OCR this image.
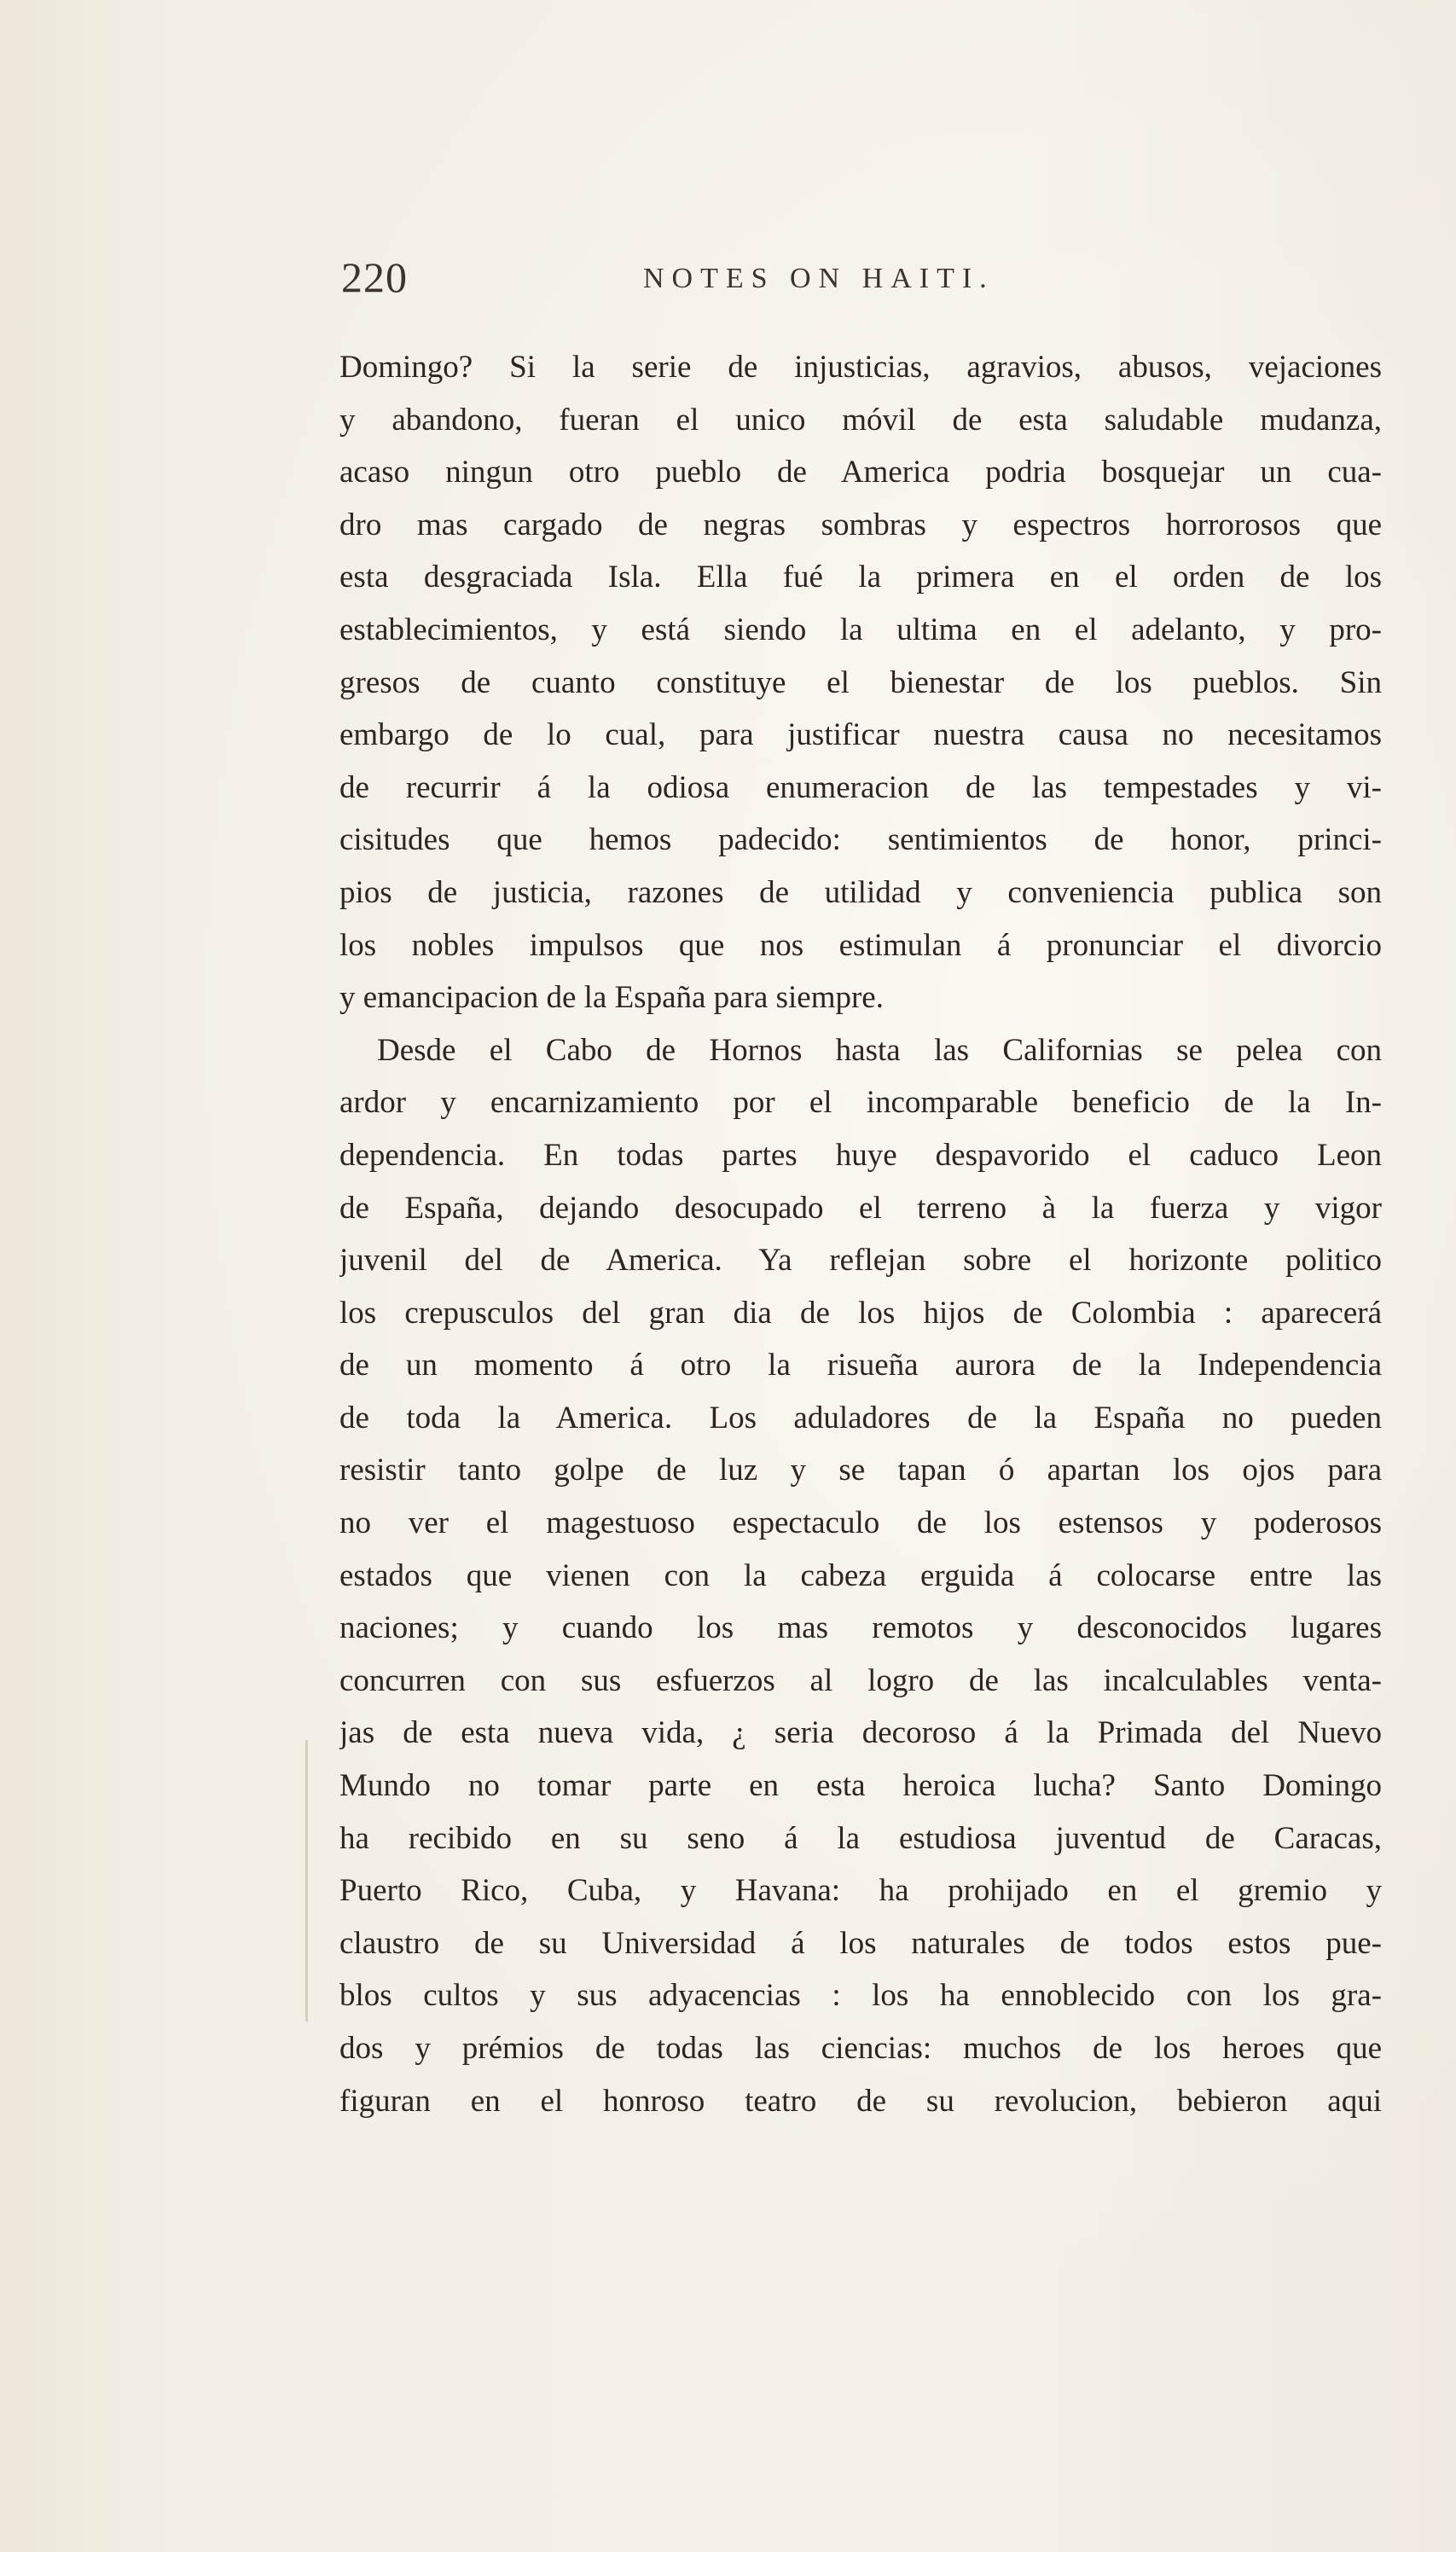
220	NOTES ON HAITI.
Domingo? Si la serie de injusticias, agravios, abusos, vejaciones
y abandono, fueran el unico móvil de esta saludable mudanza,
acaso ningun otro pueblo de America podria bosquejar un cua-
dro mas cargado de negras sombras y espectros horrorosos que
esta desgraciada Isla. Ella fué la primera en el orden de los
establecimientos, y está siendo la ultima en el adelanto, y pro-
gresos de cuanto constituye el bienestar de los pueblos. Sin
embargo de lo cual, para justificar nuestra causa no necesitamos
de recurrir á la odiosa enumeracion de las tempestades y vi-
cisitudes que hemos padecido: sentimientos de honor, princi-
pios de justicia, razones de utilidad y conveniencia publica son
los nobles impulsos que nos estimulan á pronunciar el divorcio
y emancipacion de la España para siempre.
Desde el Cabo de Hornos hasta las Californias se pelea con
ardor y encarnizamiento por el incomparable beneficio de la In-
dependencia. En todas partes huye despavorido el caduco Leon
de España, dejando desocupado el terreno à la fuerza y vigor
juvenil del de America. Ya reflejan sobre el horizonte politico
los crepusculos del gran dia de los hijos de Colombia : aparecerá
de un momento á otro la risueña aurora de la Independencia
de toda la America. Los aduladores de la España no pueden
resistir tanto golpe de luz y se tapan ó apartan los ojos para
no ver el magestuoso espectaculo de los estensos y poderosos
estados que vienen con la cabeza erguida á colocarse entre las
naciones; y cuando los mas remotos y desconocidos lugares
concurren con sus esfuerzos al logro de las incalculables venta-
jas de esta nueva vida, ¿ seria decoroso á la Primada del Nuevo
Mundo no tomar parte en esta heroica lucha? Santo Domingo
ha recibido en su seno á la estudiosa juventud de Caracas,
Puerto Rico, Cuba, y Havana: ha prohijado en el gremio y
claustro de su Universidad á los naturales de todos estos pue-
blos cultos y sus adyacencias : los ha ennoblecido con los gra-
dos y prémios de todas las ciencias: muchos de los heroes que
figuran en el honroso teatro de su revolucion, bebieron aqui
